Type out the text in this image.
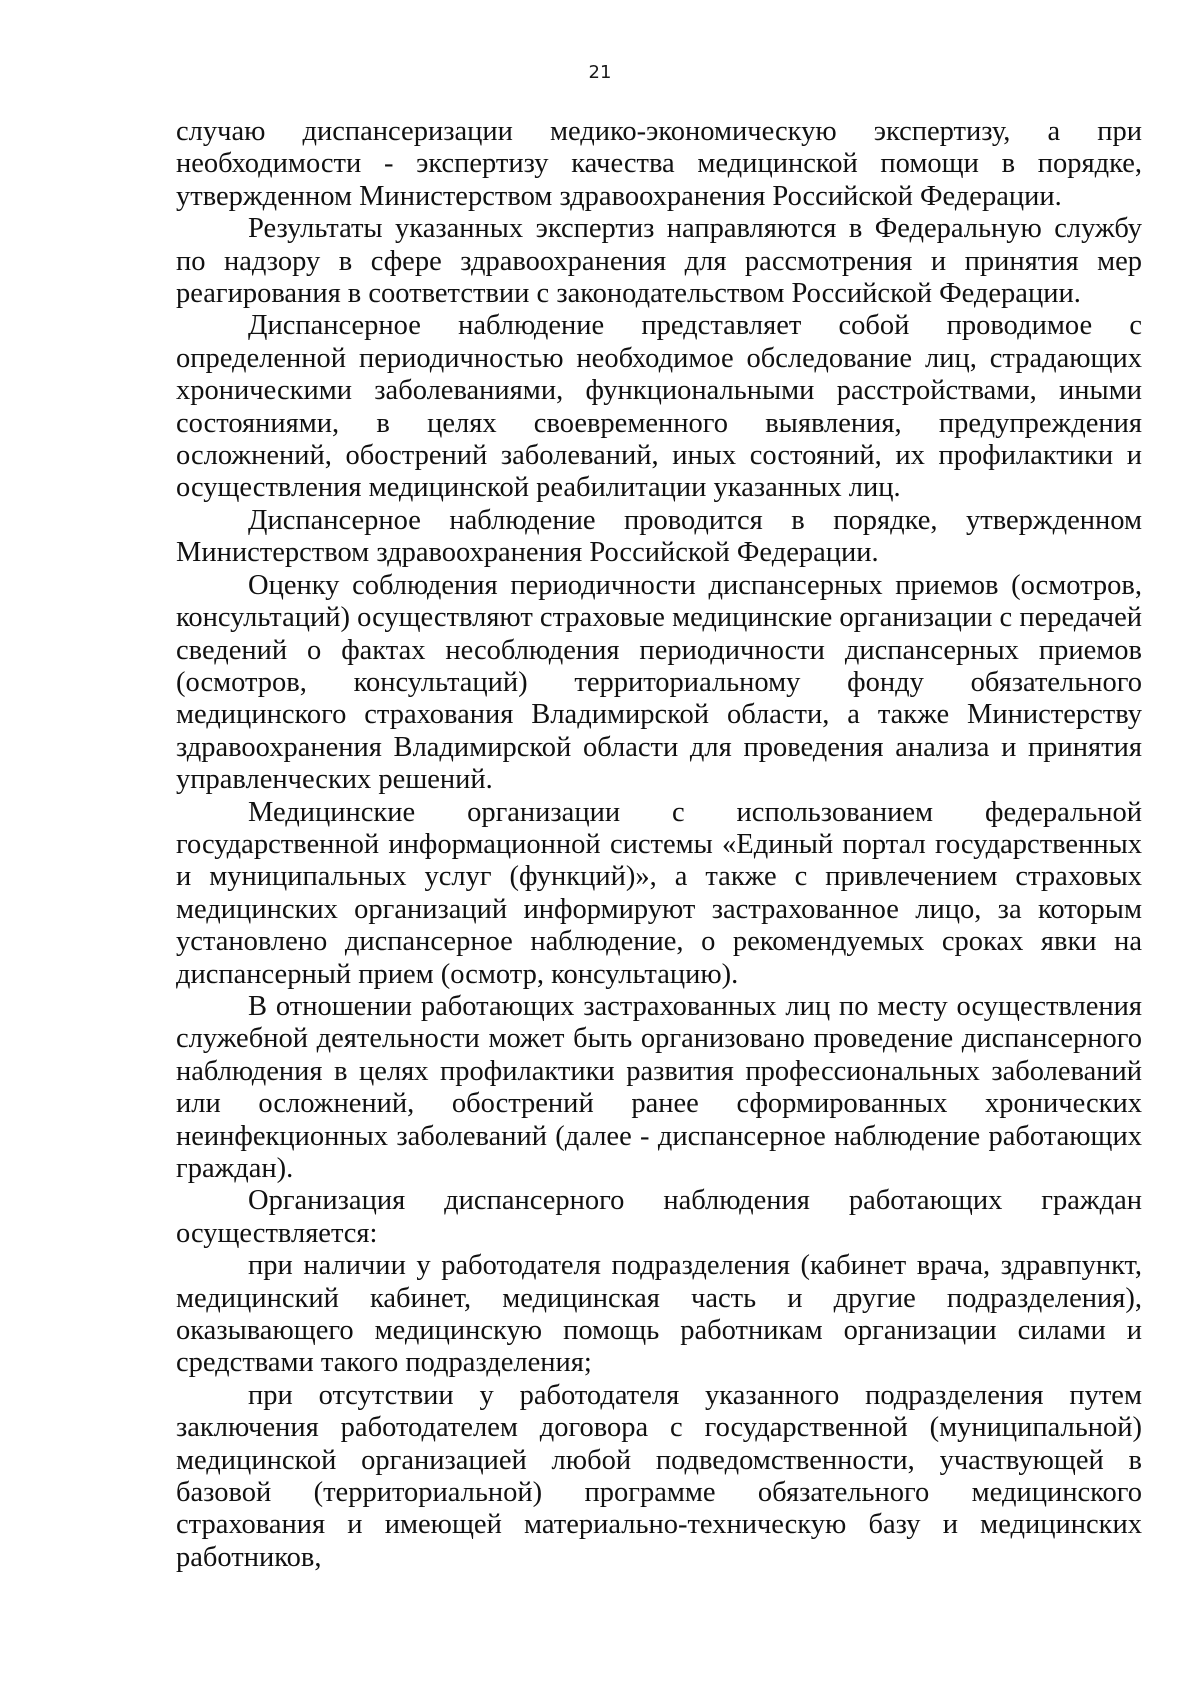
21

случаю диспансеризации медико-экономическую экспертизу, а при необходимости - экспертизу качества медицинской помощи в порядке, утвержденном Министерством здравоохранения Российской Федерации.

Результаты указанных экспертиз направляются в Федеральную службу по надзору в сфере здравоохранения для рассмотрения и принятия мер реагирования в соответствии с законодательством Российской Федерации.

Диспансерное наблюдение представляет собой проводимое с определенной периодичностью необходимое обследование лиц, страдающих хроническими заболеваниями, функциональными расстройствами, иными состояниями, в целях своевременного выявления, предупреждения осложнений, обострений заболеваний, иных состояний, их профилактики и осуществления медицинской реабилитации указанных лиц.

Диспансерное наблюдение проводится в порядке, утвержденном Министерством здравоохранения Российской Федерации.

Оценку соблюдения периодичности диспансерных приемов (осмотров, консультаций) осуществляют страховые медицинские организации с передачей сведений о фактах несоблюдения периодичности диспансерных приемов (осмотров, консультаций) территориальному фонду обязательного медицинского страхования Владимирской области, а также Министерству здравоохранения Владимирской области для проведения анализа и принятия управленческих решений.

Медицинские организации с использованием федеральной государственной информационной системы «Единый портал государственных и муниципальных услуг (функций)», а также с привлечением страховых медицинских организаций информируют застрахованное лицо, за которым установлено диспансерное наблюдение, о рекомендуемых сроках явки на диспансерный прием (осмотр, консультацию).

В отношении работающих застрахованных лиц по месту осуществления служебной деятельности может быть организовано проведение диспансерного наблюдения в целях профилактики развития профессиональных заболеваний или осложнений, обострений ранее сформированных хронических неинфекционных заболеваний (далее - диспансерное наблюдение работающих граждан).

Организация диспансерного наблюдения работающих граждан осуществляется:

при наличии у работодателя подразделения (кабинет врача, здравпункт, медицинский кабинет, медицинская часть и другие подразделения), оказывающего медицинскую помощь работникам организации силами и средствами такого подразделения;

при отсутствии у работодателя указанного подразделения путем заключения работодателем договора с государственной (муниципальной) медицинской организацией любой подведомственности, участвующей в базовой (территориальной) программе обязательного медицинского страхования и имеющей материально-техническую базу и медицинских работников,
